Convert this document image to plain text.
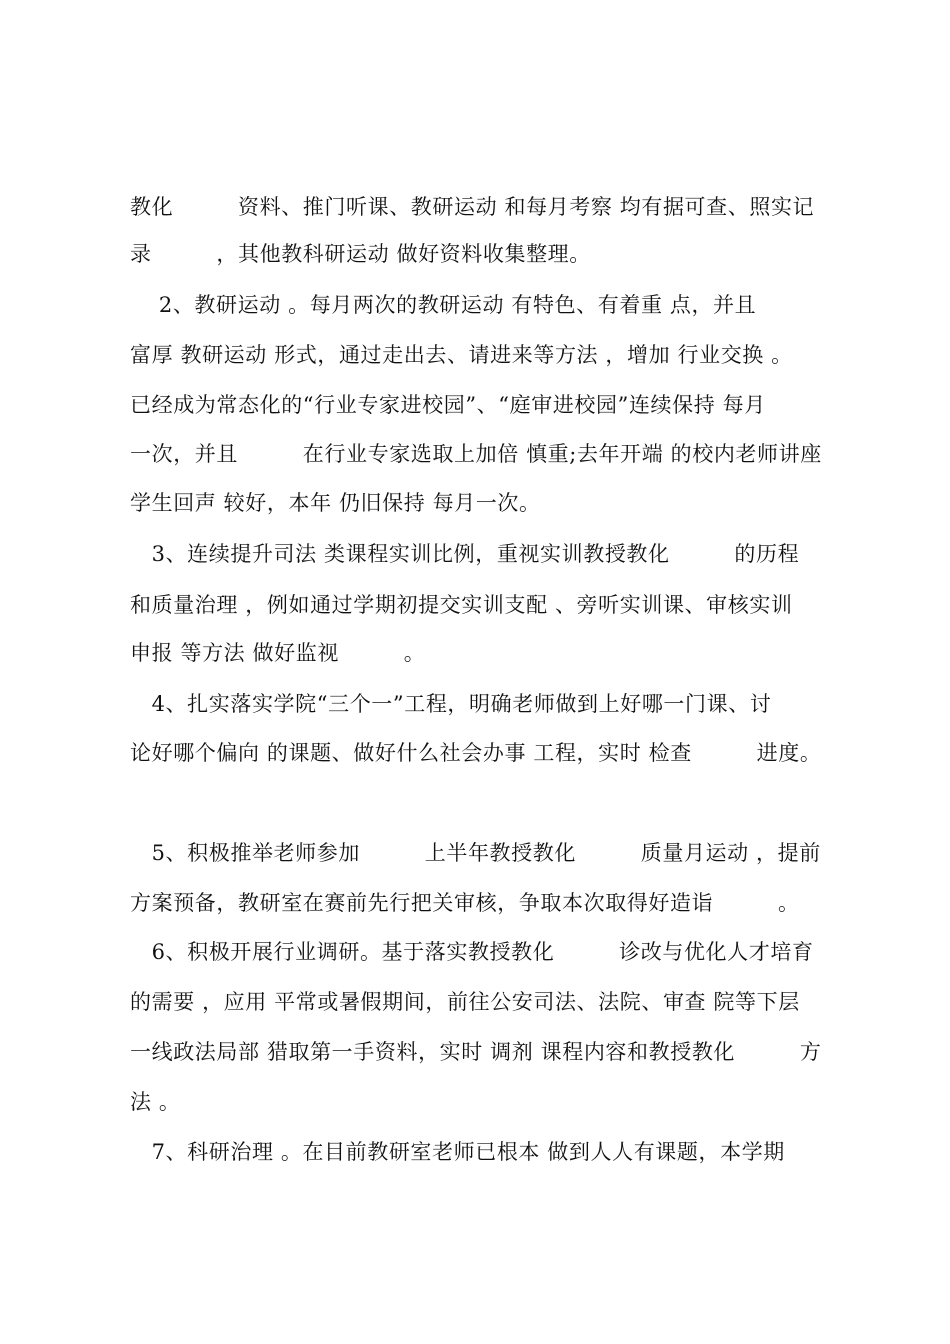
教化　　　资料、推门听课、教研运动 和每月考察 均有据可查、照实记
录　　　，其他教科研运动 做好资料收集整理。
　 2、教研运动 。每月两次的教研运动 有特色、有着重 点，并且
富厚 教研运动 形式，通过走出去、请进来等方法 ，增加 行业交换 。
已经成为常态化的“行业专家进校园”、“庭审进校园”连续保持 每月
一次，并且　　　在行业专家选取上加倍 慎重;去年开端 的校内老师讲座
学生回声 较好，本年 仍旧保持 每月一次。
　3、连续提升司法 类课程实训比例，重视实训教授教化　　　的历程
和质量治理 ，例如通过学期初提交实训支配 、旁听实训课、审核实训
申报 等方法 做好监视　　　。
　4、扎实落实学院“三个一”工程，明确老师做到上好哪一门课、讨
论好哪个偏向 的课题、做好什么社会办事 工程，实时 检查　　　进度。
　5、积极推举老师参加　　　上半年教授教化　　　质量月运动 ，提前
方案预备，教研室在赛前先行把关审核，争取本次取得好造诣　　　。
　6、积极开展行业调研。基于落实教授教化　　　诊改与优化人才培育
的需要 ，应用 平常或暑假期间，前往公安司法、法院、审查 院等下层
一线政法局部 猎取第一手资料，实时 调剂 课程内容和教授教化　　　方
法 。
　7、科研治理 。在目前教研室老师已根本 做到人人有课题，本学期
